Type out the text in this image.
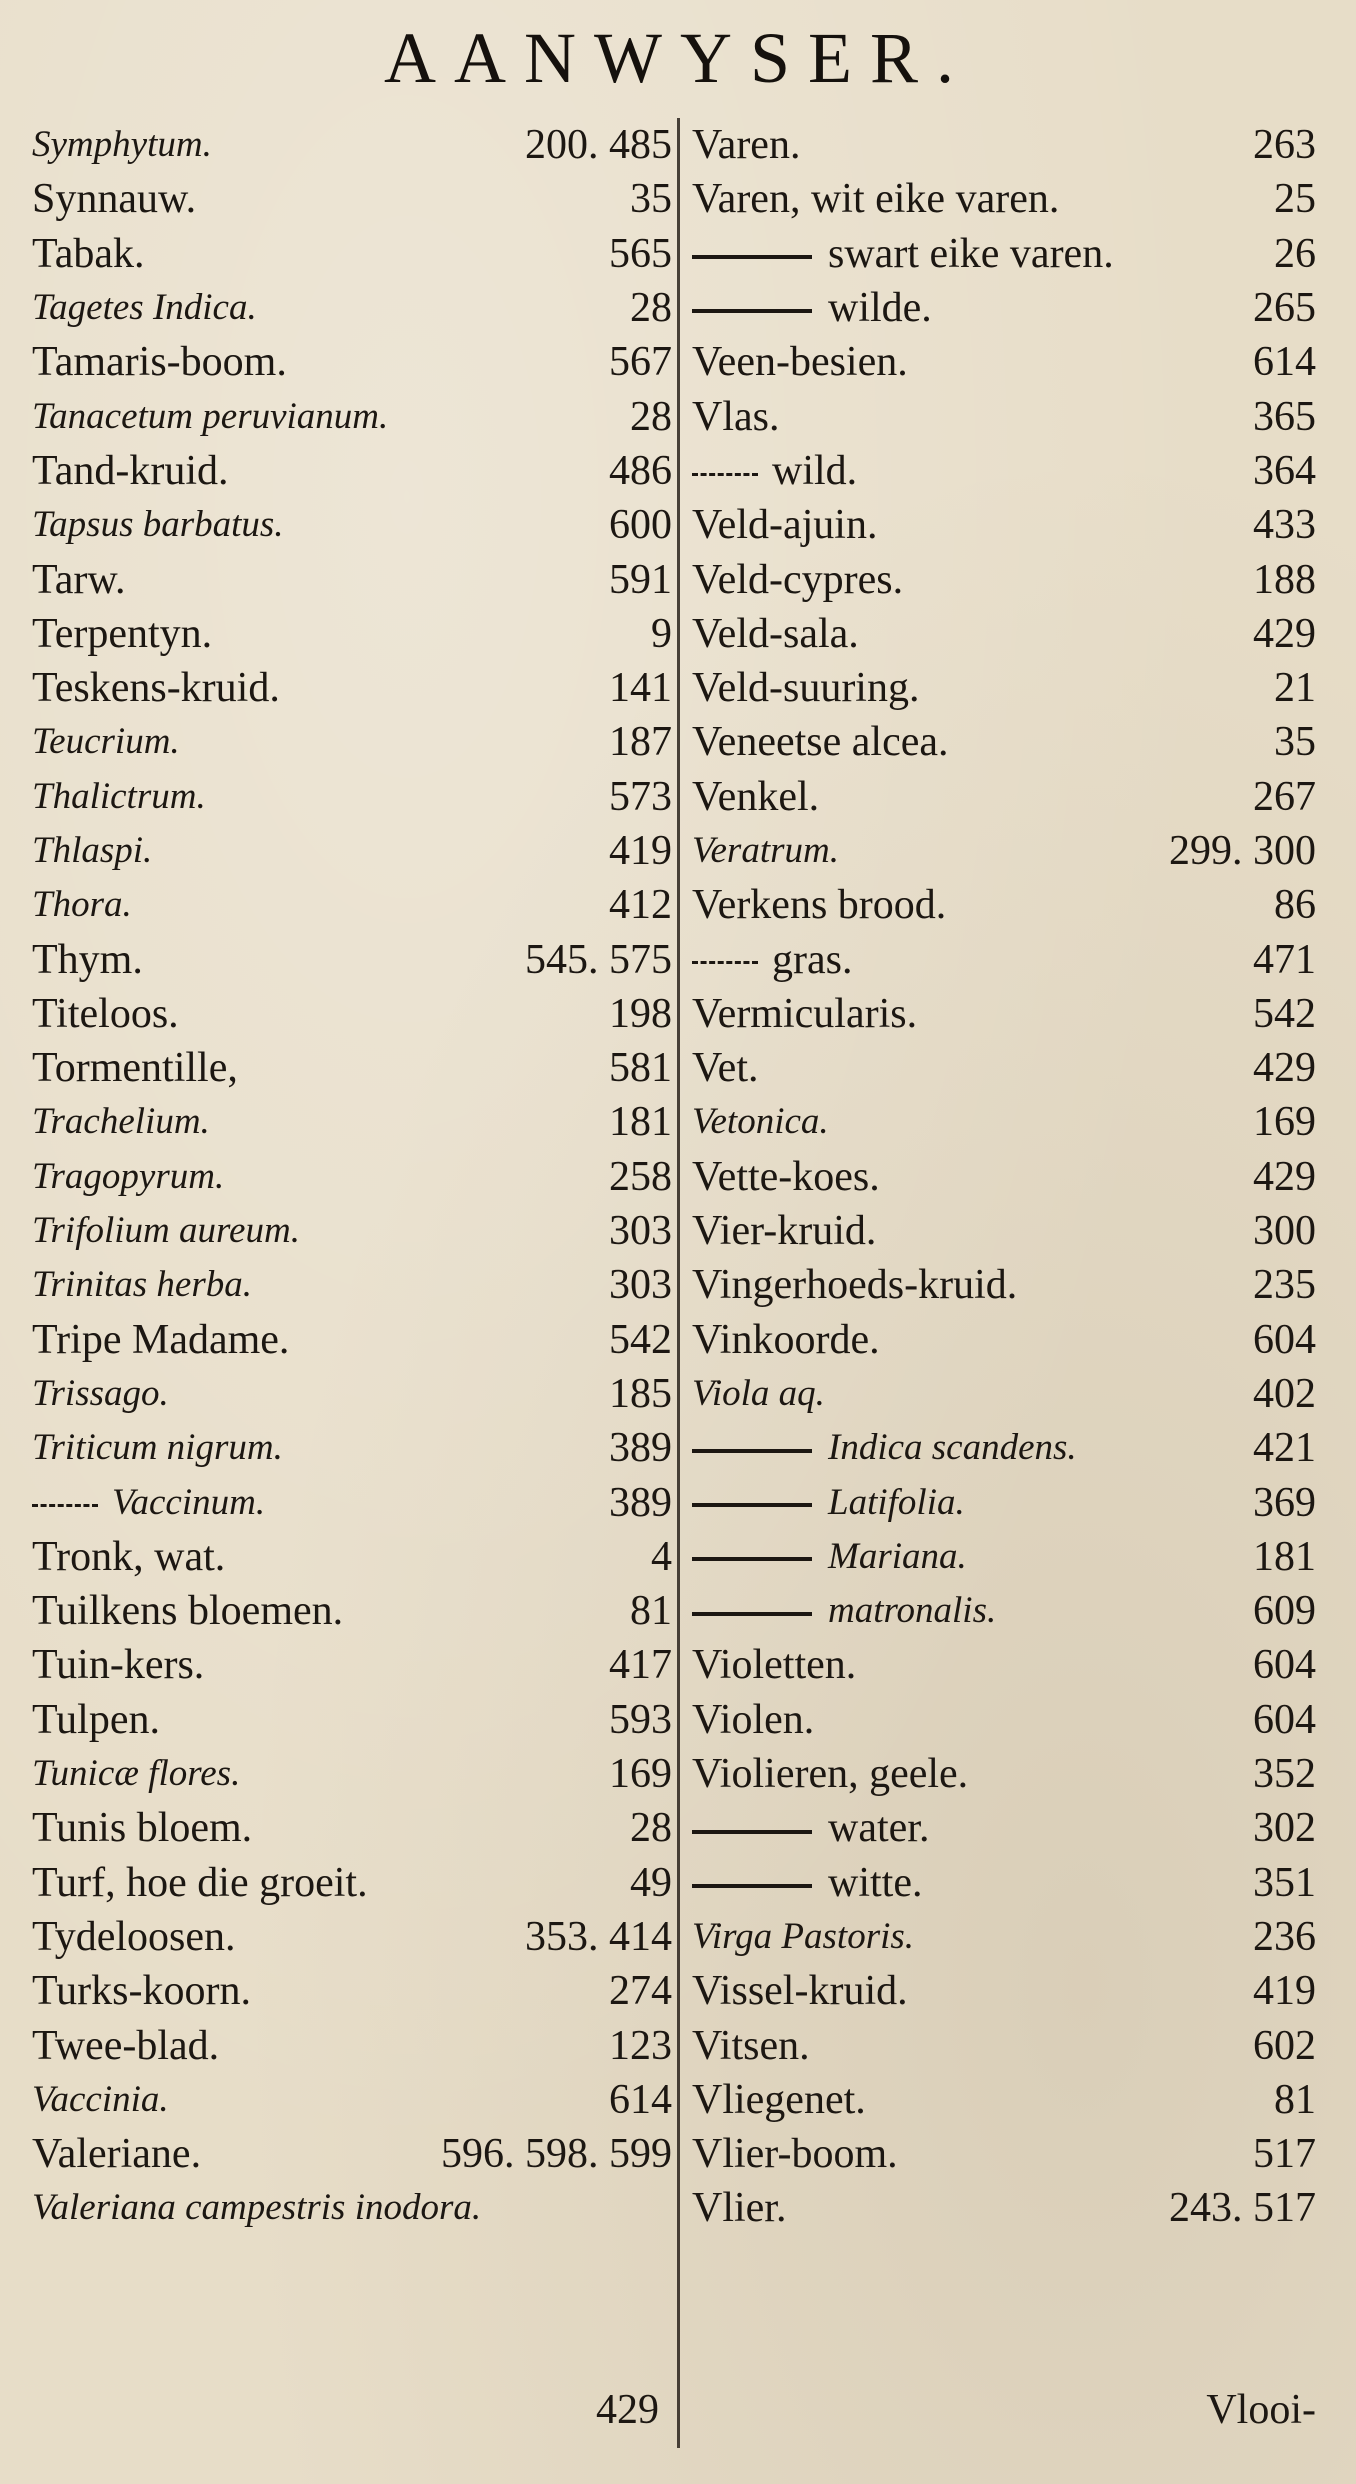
AANWYSER.
Symphytum.	200. 485
Synnauw.	35
Tabak.	565
Tagetes Indica.	28
Tamaris-boom.	567
Tanacetum peruvianum.	28
Tand-kruid.	486
Tapsus barbatus.	600
Tarw.	591
Terpentyn.	9
Teskens-kruid.	141
Teucrium.	187
Thalictrum.	573
Thlaspi.	419
Thora.	412
Thym.	545. 575
Titeloos.	198
Tormentille,	581
Trachelium.	181
Tragopyrum.	258
Trifolium aureum.	303
Trinitas herba.	303
Tripe Madame.	542
Trissago.	185
Triticum nigrum.	389
Vaccinum.	389
Tronk, wat.	4
Tuilkens bloemen.	81
Tuin-kers.	417
Tulpen.	593
Tunicæ flores.	169
Tunis bloem.	28
Turf, hoe die groeit.	49
Tydeloosen.	353. 414
Turks-koorn.	274
Twee-blad.	123
Vaccinia.	614
Valeriane.	596. 598. 599
Valeriana campestris inodora.
Varen.	263
Varen, wit eike varen.	25
swart eike varen.	26
wilde.	265
Veen-besien.	614
Vlas.	365
wild.	364
Veld-ajuin.	433
Veld-cypres.	188
Veld-sala.	429
Veld-suuring.	21
Veneetse alcea.	35
Venkel.	267
Veratrum.	299. 300
Verkens brood.	86
gras.	471
Vermicularis.	542
Vet.	429
Vetonica.	169
Vette-koes.	429
Vier-kruid.	300
Vingerhoeds-kruid.	235
Vinkoorde.	604
Viola aq.	402
Indica scandens.	421
Latifolia.	369
Mariana.	181
matronalis.	609
Violetten.	604
Violen.	604
Violieren, geele.	352
water.	302
witte.	351
Virga Pastoris.	236
Vissel-kruid.	419
Vitsen.	602
Vliegenet.	81
Vlier-boom.	517
Vlier.	243. 517
429	Vlooi-
